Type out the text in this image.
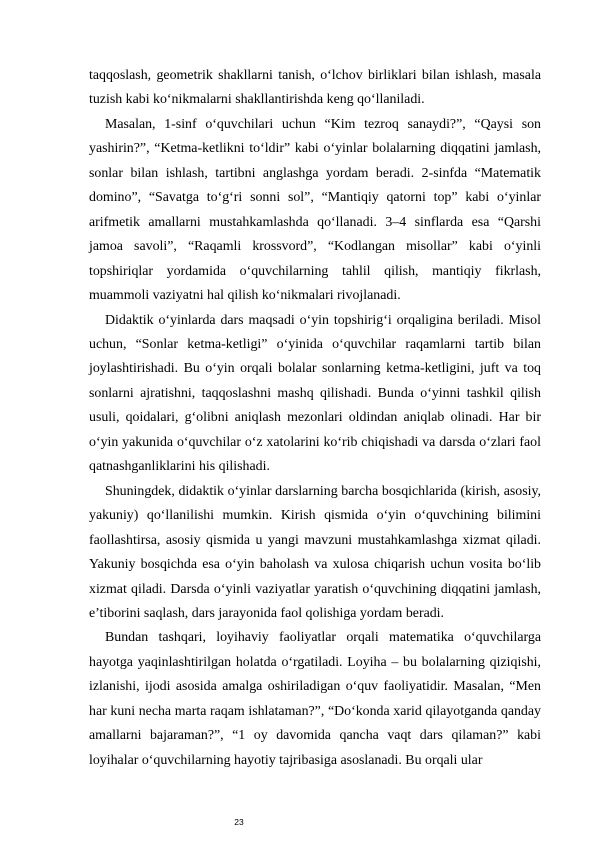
taqqoslash, geometrik shakllarni tanish, o‘lchov birliklari bilan ishlash, masala tuzish kabi ko‘nikmalarni shakllantirishda keng qo‘llaniladi.

Masalan, 1-sinf o‘quvchilari uchun “Kim tezroq sanaydi?”, “Qaysi son yashirin?”, “Ketma-ketlikni to‘ldir” kabi o‘yinlar bolalarning diqqatini jamlash, sonlar bilan ishlash, tartibni anglashga yordam beradi. 2-sinfda “Matematik domino”, “Savatga to‘g‘ri sonni sol”, “Mantiqiy qatorni top” kabi o‘yinlar arifmetik amallarni mustahkamlashda qo‘llanadi. 3–4 sinflarda esa “Qarshi jamoa savoli”, “Raqamli krossvord”, “Kodlangan misollar” kabi o‘yinli topshiriqlar yordamida o‘quvchilarning tahlil qilish, mantiqiy fikrlash, muammoli vaziyatni hal qilish ko‘nikmalari rivojlanadi.

Didaktik o‘yinlarda dars maqsadi o‘yin topshirig‘i orqaligina beriladi. Misol uchun, “Sonlar ketma-ketligi” o‘yinida o‘quvchilar raqamlarni tartib bilan joylashtirishadi. Bu o‘yin orqali bolalar sonlarning ketma-ketligini, juft va toq sonlarni ajratishni, taqqoslashni mashq qilishadi. Bunda o‘yinni tashkil qilish usuli, qoidalari, g‘olibni aniqlash mezonlari oldindan aniqlab olinadi. Har bir o‘yin yakunida o‘quvchilar o‘z xatolarini ko‘rib chiqishadi va darsda o‘zlari faol qatnashganliklarini his qilishadi.

Shuningdek, didaktik o‘yinlar darslarning barcha bosqichlarida (kirish, asosiy, yakuniy) qo‘llanilishi mumkin. Kirish qismida o‘yin o‘quvchining bilimini faollashtirsa, asosiy qismida u yangi mavzuni mustahkamlashga xizmat qiladi. Yakuniy bosqichda esa o‘yin baholash va xulosa chiqarish uchun vosita bo‘lib xizmat qiladi. Darsda o‘yinli vaziyatlar yaratish o‘quvchining diqqatini jamlash, e’tiborini saqlash, dars jarayonida faol qolishiga yordam beradi.

Bundan tashqari, loyihaviy faoliyatlar orqali matematika o‘quvchilarga hayotga yaqinlashtirilgan holatda o‘rgatiladi. Loyiha – bu bolalarning qiziqishi, izlanishi, ijodi asosida amalga oshiriladigan o‘quv faoliyatidir. Masalan, “Men har kuni necha marta raqam ishlataman?”, “Do‘konda xarid qilayotganda qanday amallarni bajaraman?”, “1 oy davomida qancha vaqt dars qilaman?” kabi loyihalar o‘quvchilarning hayotiy tajribasiga asoslanadi. Bu orqali ular

23
